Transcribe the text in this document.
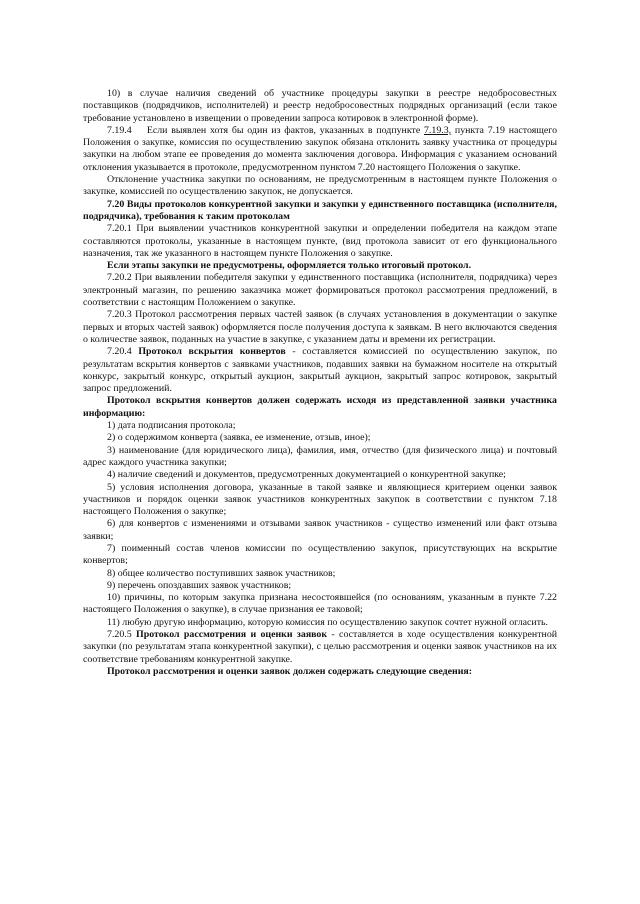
10) в случае наличия сведений об участнике процедуры закупки в реестре недобросовестных поставщиков (подрядчиков, исполнителей) и реестр недобросовестных подрядных организаций (если такое требование установлено в извещении о проведении запроса котировок в электронной форме).

7.19.4 Если выявлен хотя бы один из фактов, указанных в подпункте 7.19.3, пункта 7.19 настоящего Положения о закупке, комиссия по осуществлению закупок обязана отклонить заявку участника от процедуры закупки на любом этапе ее проведения до момента заключения договора. Информация с указанием оснований отклонения указывается в протоколе, предусмотренном пунктом 7.20 настоящего Положения о закупке.

Отклонение участника закупки по основаниям, не предусмотренным в настоящем пункте Положения о закупке, комиссией по осуществлению закупок, не допускается.

7.20 Виды протоколов конкурентной закупки и закупки у единственного поставщика (исполнителя, подрядчика), требования к таким протоколам

7.20.1 При выявлении участников конкурентной закупки и определении победителя на каждом этапе составляются протоколы, указанные в настоящем пункте, (вид протокола зависит от его функционального назначения, так же указанного в настоящем пункте Положения о закупке.

Если этапы закупки не предусмотрены, оформляется только итоговый протокол.

7.20.2 При выявлении победителя закупки у единственного поставщика (исполнителя, подрядчика) через электронный магазин, по решению заказчика может формироваться протокол рассмотрения предложений, в соответствии с настоящим Положением о закупке.

7.20.3 Протокол рассмотрения первых частей заявок (в случаях установления в документации о закупке первых и вторых частей заявок) оформляется после получения доступа к заявкам. В него включаются сведения о количестве заявок, поданных на участие в закупке, с указанием даты и времени их регистрации.

7.20.4 Протокол вскрытия конвертов - составляется комиссией по осуществлению закупок, по результатам вскрытия конвертов с заявками участников, подавших заявки на бумажном носителе на открытый конкурс, закрытый конкурс, открытый аукцион, закрытый аукцион, закрытый запрос котировок, закрытый запрос предложений.

Протокол вскрытия конвертов должен содержать исходя из представленной заявки участника информацию:

1) дата подписания протокола;

2) о содержимом конверта (заявка, ее изменение, отзыв, иное);

3) наименование (для юридического лица), фамилия, имя, отчество (для физического лица) и почтовый адрес каждого участника закупки;

4) наличие сведений и документов, предусмотренных документацией о конкурентной закупке;

5) условия исполнения договора, указанные в такой заявке и являющиеся критерием оценки заявок участников и порядок оценки заявок участников конкурентных закупок в соответствии с пунктом 7.18 настоящего Положения о закупке;

6) для конвертов с изменениями и отзывами заявок участников - существо изменений или факт отзыва заявки;

7) поименный состав членов комиссии по осуществлению закупок, присутствующих на вскрытие конвертов;

8) общее количество поступивших заявок участников;

9) перечень опоздавших заявок участников;

10) причины, по которым закупка признана несостоявшейся (по основаниям, указанным в пункте 7.22 настоящего Положения о закупке), в случае признания ее таковой;

11) любую другую информацию, которую комиссия по осуществлению закупок сочтет нужной огласить.

7.20.5 Протокол рассмотрения и оценки заявок - составляется в ходе осуществления конкурентной закупки (по результатам этапа конкурентной закупки), с целью рассмотрения и оценки заявок участников на их соответствие требованиям конкурентной закупке.

Протокол рассмотрения и оценки заявок должен содержать следующие сведения:
